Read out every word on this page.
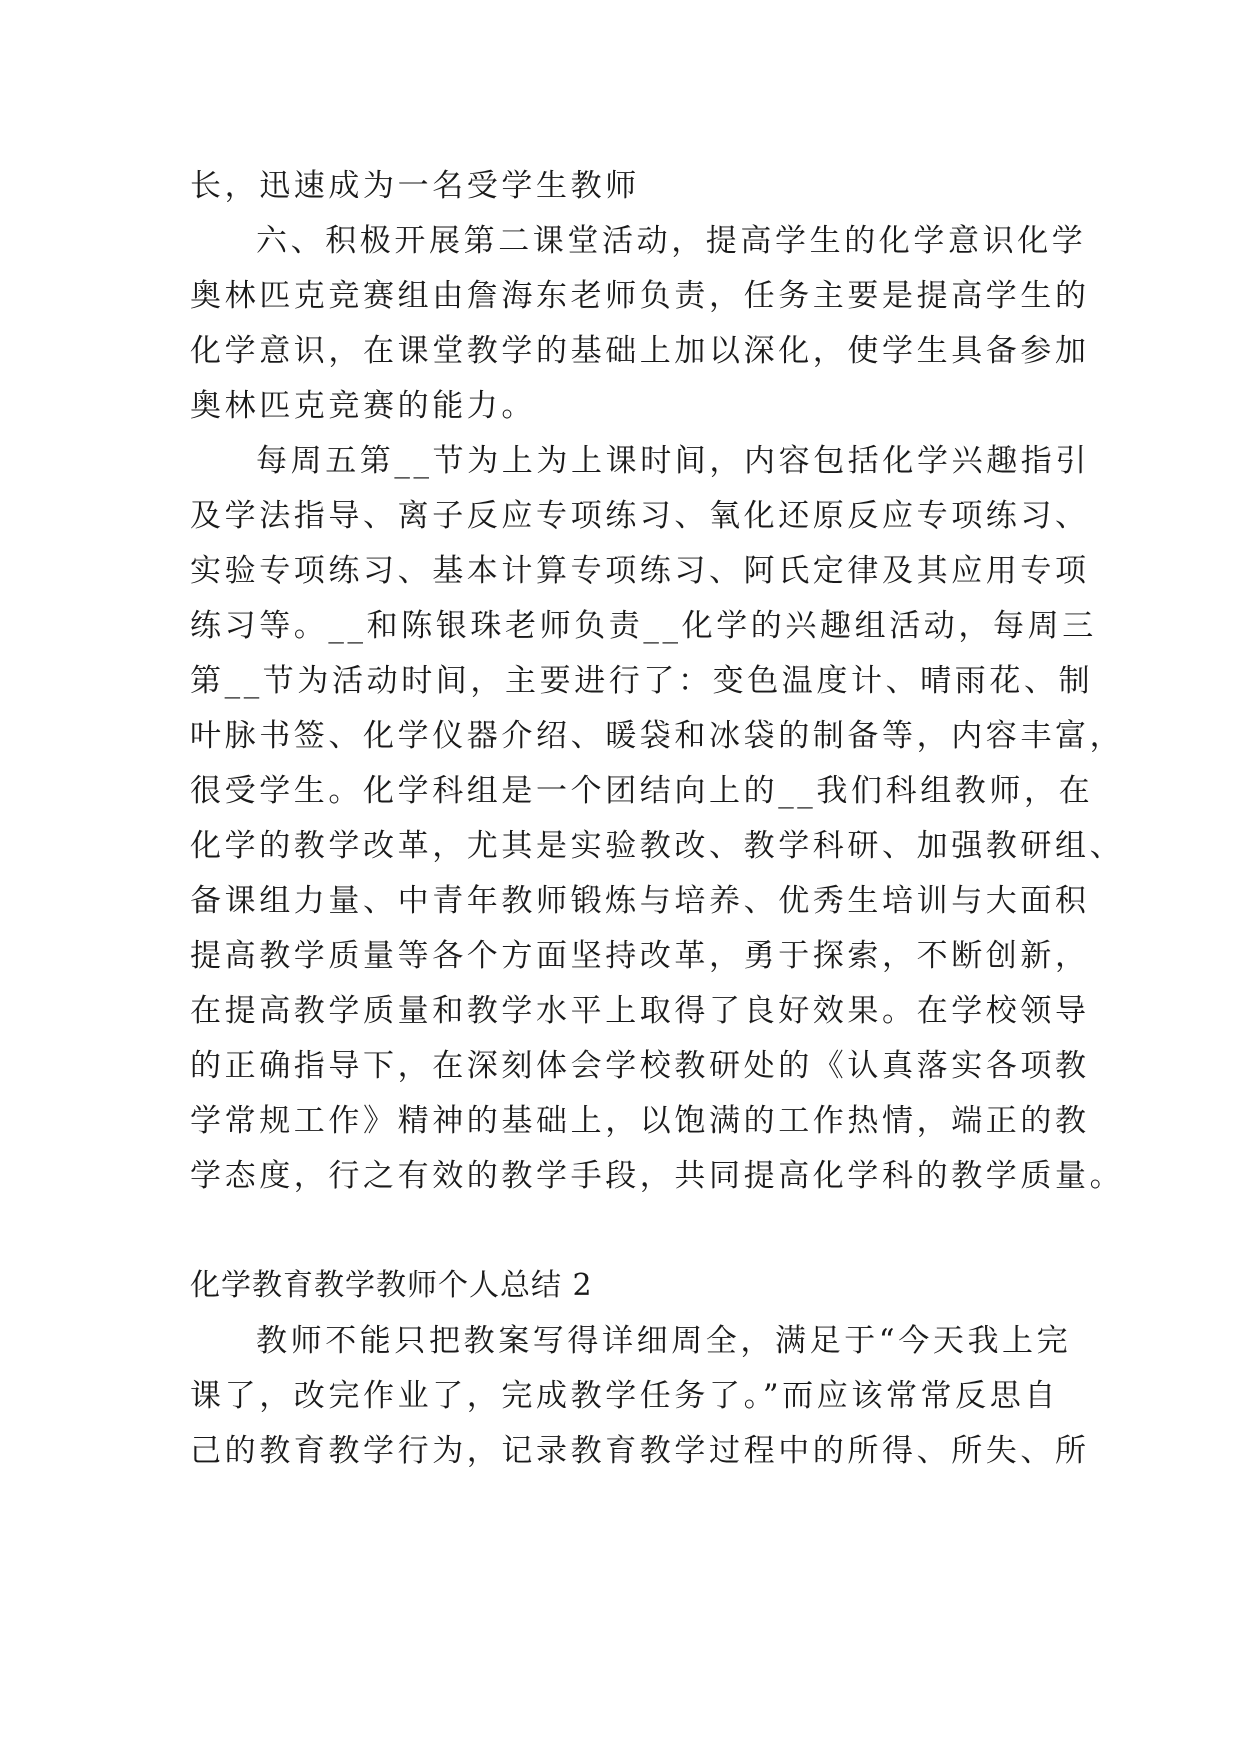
长，迅速成为一名受学生教师
六、积极开展第二课堂活动，提高学生的化学意识化学
奥林匹克竞赛组由詹海东老师负责，任务主要是提高学生的
化学意识，在课堂教学的基础上加以深化，使学生具备参加
奥林匹克竞赛的能力。
每周五第__节为上为上课时间，内容包括化学兴趣指引
及学法指导、离子反应专项练习、氧化还原反应专项练习、
实验专项练习、基本计算专项练习、阿氏定律及其应用专项
练习等。__和陈银珠老师负责__化学的兴趣组活动，每周三
第__节为活动时间，主要进行了：变色温度计、晴雨花、制
叶脉书签、化学仪器介绍、暖袋和冰袋的制备等，内容丰富，
很受学生。化学科组是一个团结向上的__我们科组教师，在
化学的教学改革，尤其是实验教改、教学科研、加强教研组、
备课组力量、中青年教师锻炼与培养、优秀生培训与大面积
提高教学质量等各个方面坚持改革，勇于探索，不断创新，
在提高教学质量和教学水平上取得了良好效果。在学校领导
的正确指导下，在深刻体会学校教研处的《认真落实各项教
学常规工作》精神的基础上，以饱满的工作热情，端正的教
学态度，行之有效的教学手段，共同提高化学科的教学质量。
化学教育教学教师个人总结 2
教师不能只把教案写得详细周全，满足于“今天我上完
课了，改完作业了，完成教学任务了。”而应该常常反思自
己的教育教学行为，记录教育教学过程中的所得、所失、所
